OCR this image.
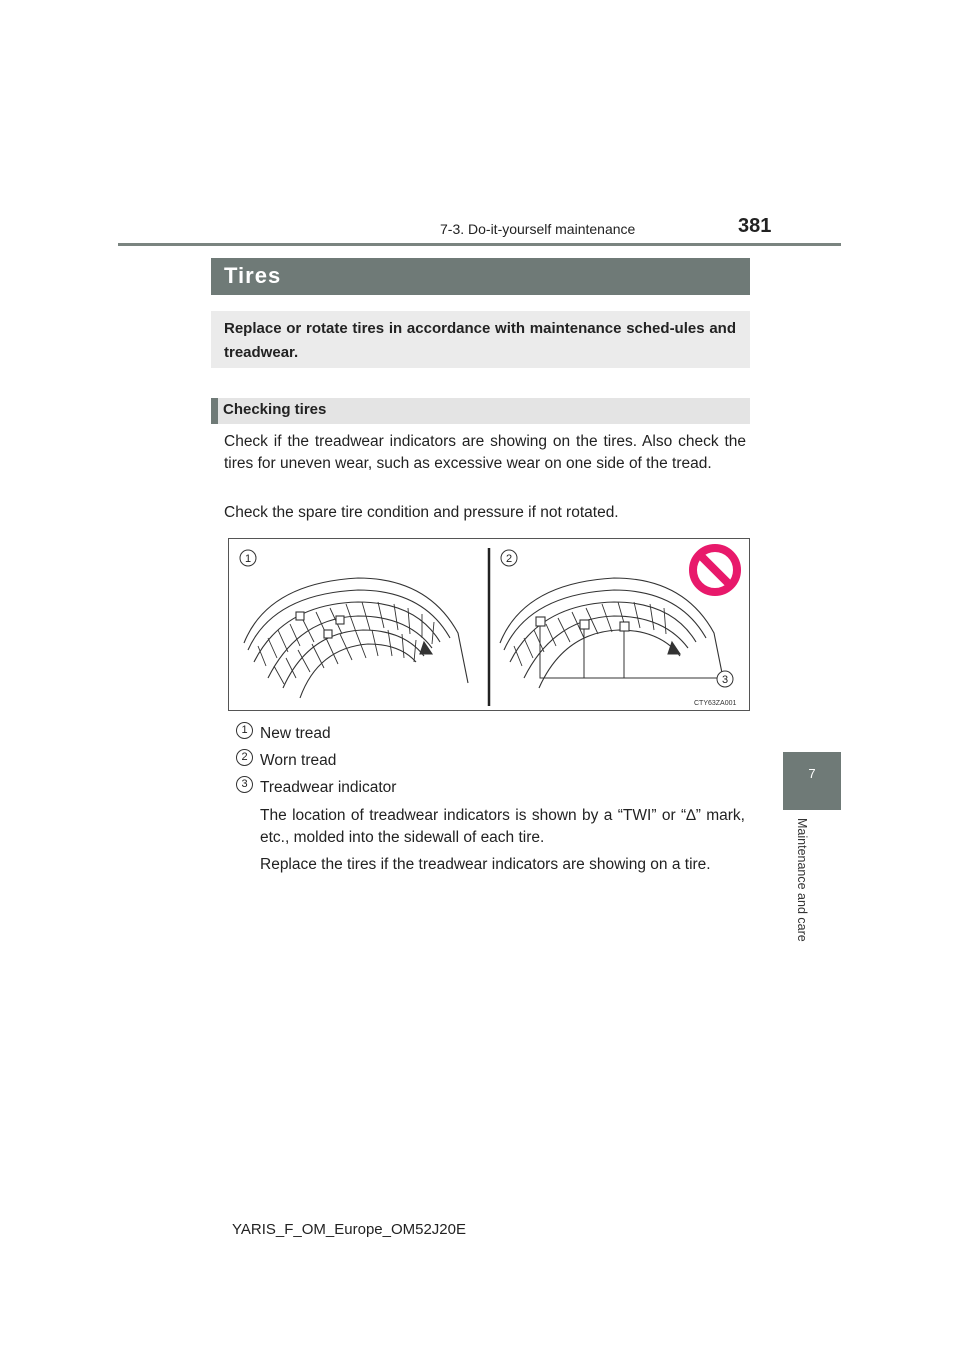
7-3. Do-it-yourself maintenance	381
7
Maintenance and care
Tires
Replace or rotate tires in accordance with maintenance sched-ules and treadwear.
Checking tires
Check if the treadwear indicators are showing on the tires. Also check the tires for uneven wear, such as excessive wear on one side of the tread.
Check the spare tire condition and pressure if not rotated.
1	2
3
CTY63ZA001
1 New tread
2 Worn tread
3 Treadwear indicator
The location of treadwear indicators is shown by a “TWI” or “∆” mark, etc., molded into the sidewall of each tire.
Replace the tires if the treadwear indicators are showing on a tire.
YARIS_F_OM_Europe_OM52J20E
